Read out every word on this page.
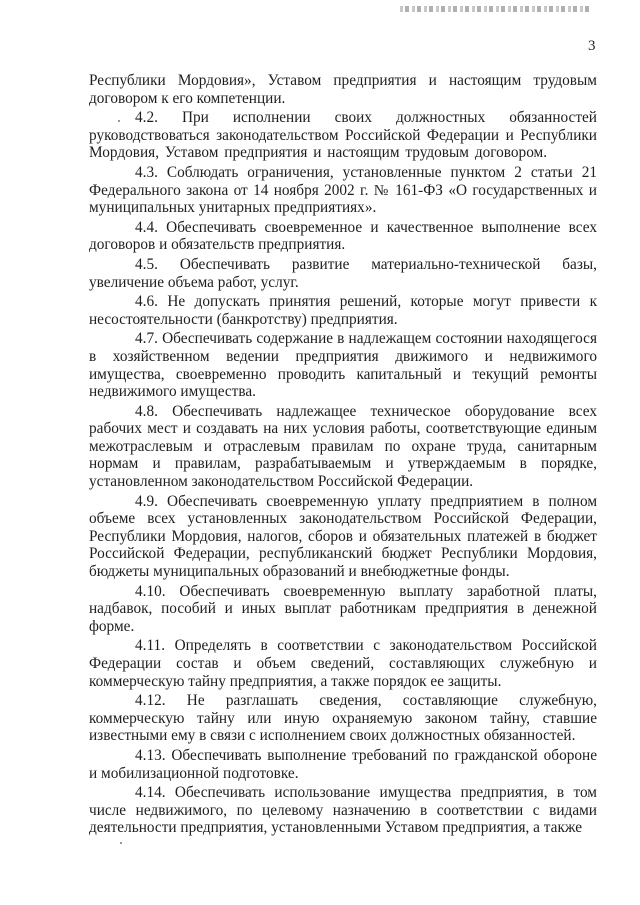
3

Республики Мордовия», Уставом предприятия и настоящим трудовым договором к его компетенции.

4.2. При исполнении своих должностных обязанностей руководствоваться законодательством Российской Федерации и Республики Мордовия, Уставом предприятия и настоящим трудовым договором.

4.3. Соблюдать ограничения, установленные пунктом 2 статьи 21 Федерального закона от 14 ноября 2002 г. № 161-ФЗ «О государственных и муниципальных унитарных предприятиях».

4.4. Обеспечивать своевременное и качественное выполнение всех договоров и обязательств предприятия.

4.5. Обеспечивать развитие материально-технической базы, увеличение объема работ, услуг.

4.6. Не допускать принятия решений, которые могут привести к несостоятельности (банкротству) предприятия.

4.7. Обеспечивать содержание в надлежащем состоянии находящегося в хозяйственном ведении предприятия движимого и недвижимого имущества, своевременно проводить капитальный и текущий ремонты недвижимого имущества.

4.8. Обеспечивать надлежащее техническое оборудование всех рабочих мест и создавать на них условия работы, соответствующие единым межотраслевым и отраслевым правилам по охране труда, санитарным нормам и правилам, разрабатываемым и утверждаемым в порядке, установленном законодательством Российской Федерации.

4.9. Обеспечивать своевременную уплату предприятием в полном объеме всех установленных законодательством Российской Федерации, Республики Мордовия, налогов, сборов и обязательных платежей в бюджет Российской Федерации, республиканский бюджет Республики Мордовия, бюджеты муниципальных образований и внебюджетные фонды.

4.10. Обеспечивать своевременную выплату заработной платы, надбавок, пособий и иных выплат работникам предприятия в денежной форме.

4.11. Определять в соответствии с законодательством Российской Федерации состав и объем сведений, составляющих служебную и коммерческую тайну предприятия, а также порядок ее защиты.

4.12. Не разглашать сведения, составляющие служебную, коммерческую тайну или иную охраняемую законом тайну, ставшие известными ему в связи с исполнением своих должностных обязанностей.

4.13. Обеспечивать выполнение требований по гражданской обороне и мобилизационной подготовке.

4.14. Обеспечивать использование имущества предприятия, в том числе недвижимого, по целевому назначению в соответствии с видами деятельности предприятия, установленными Уставом предприятия, а также
